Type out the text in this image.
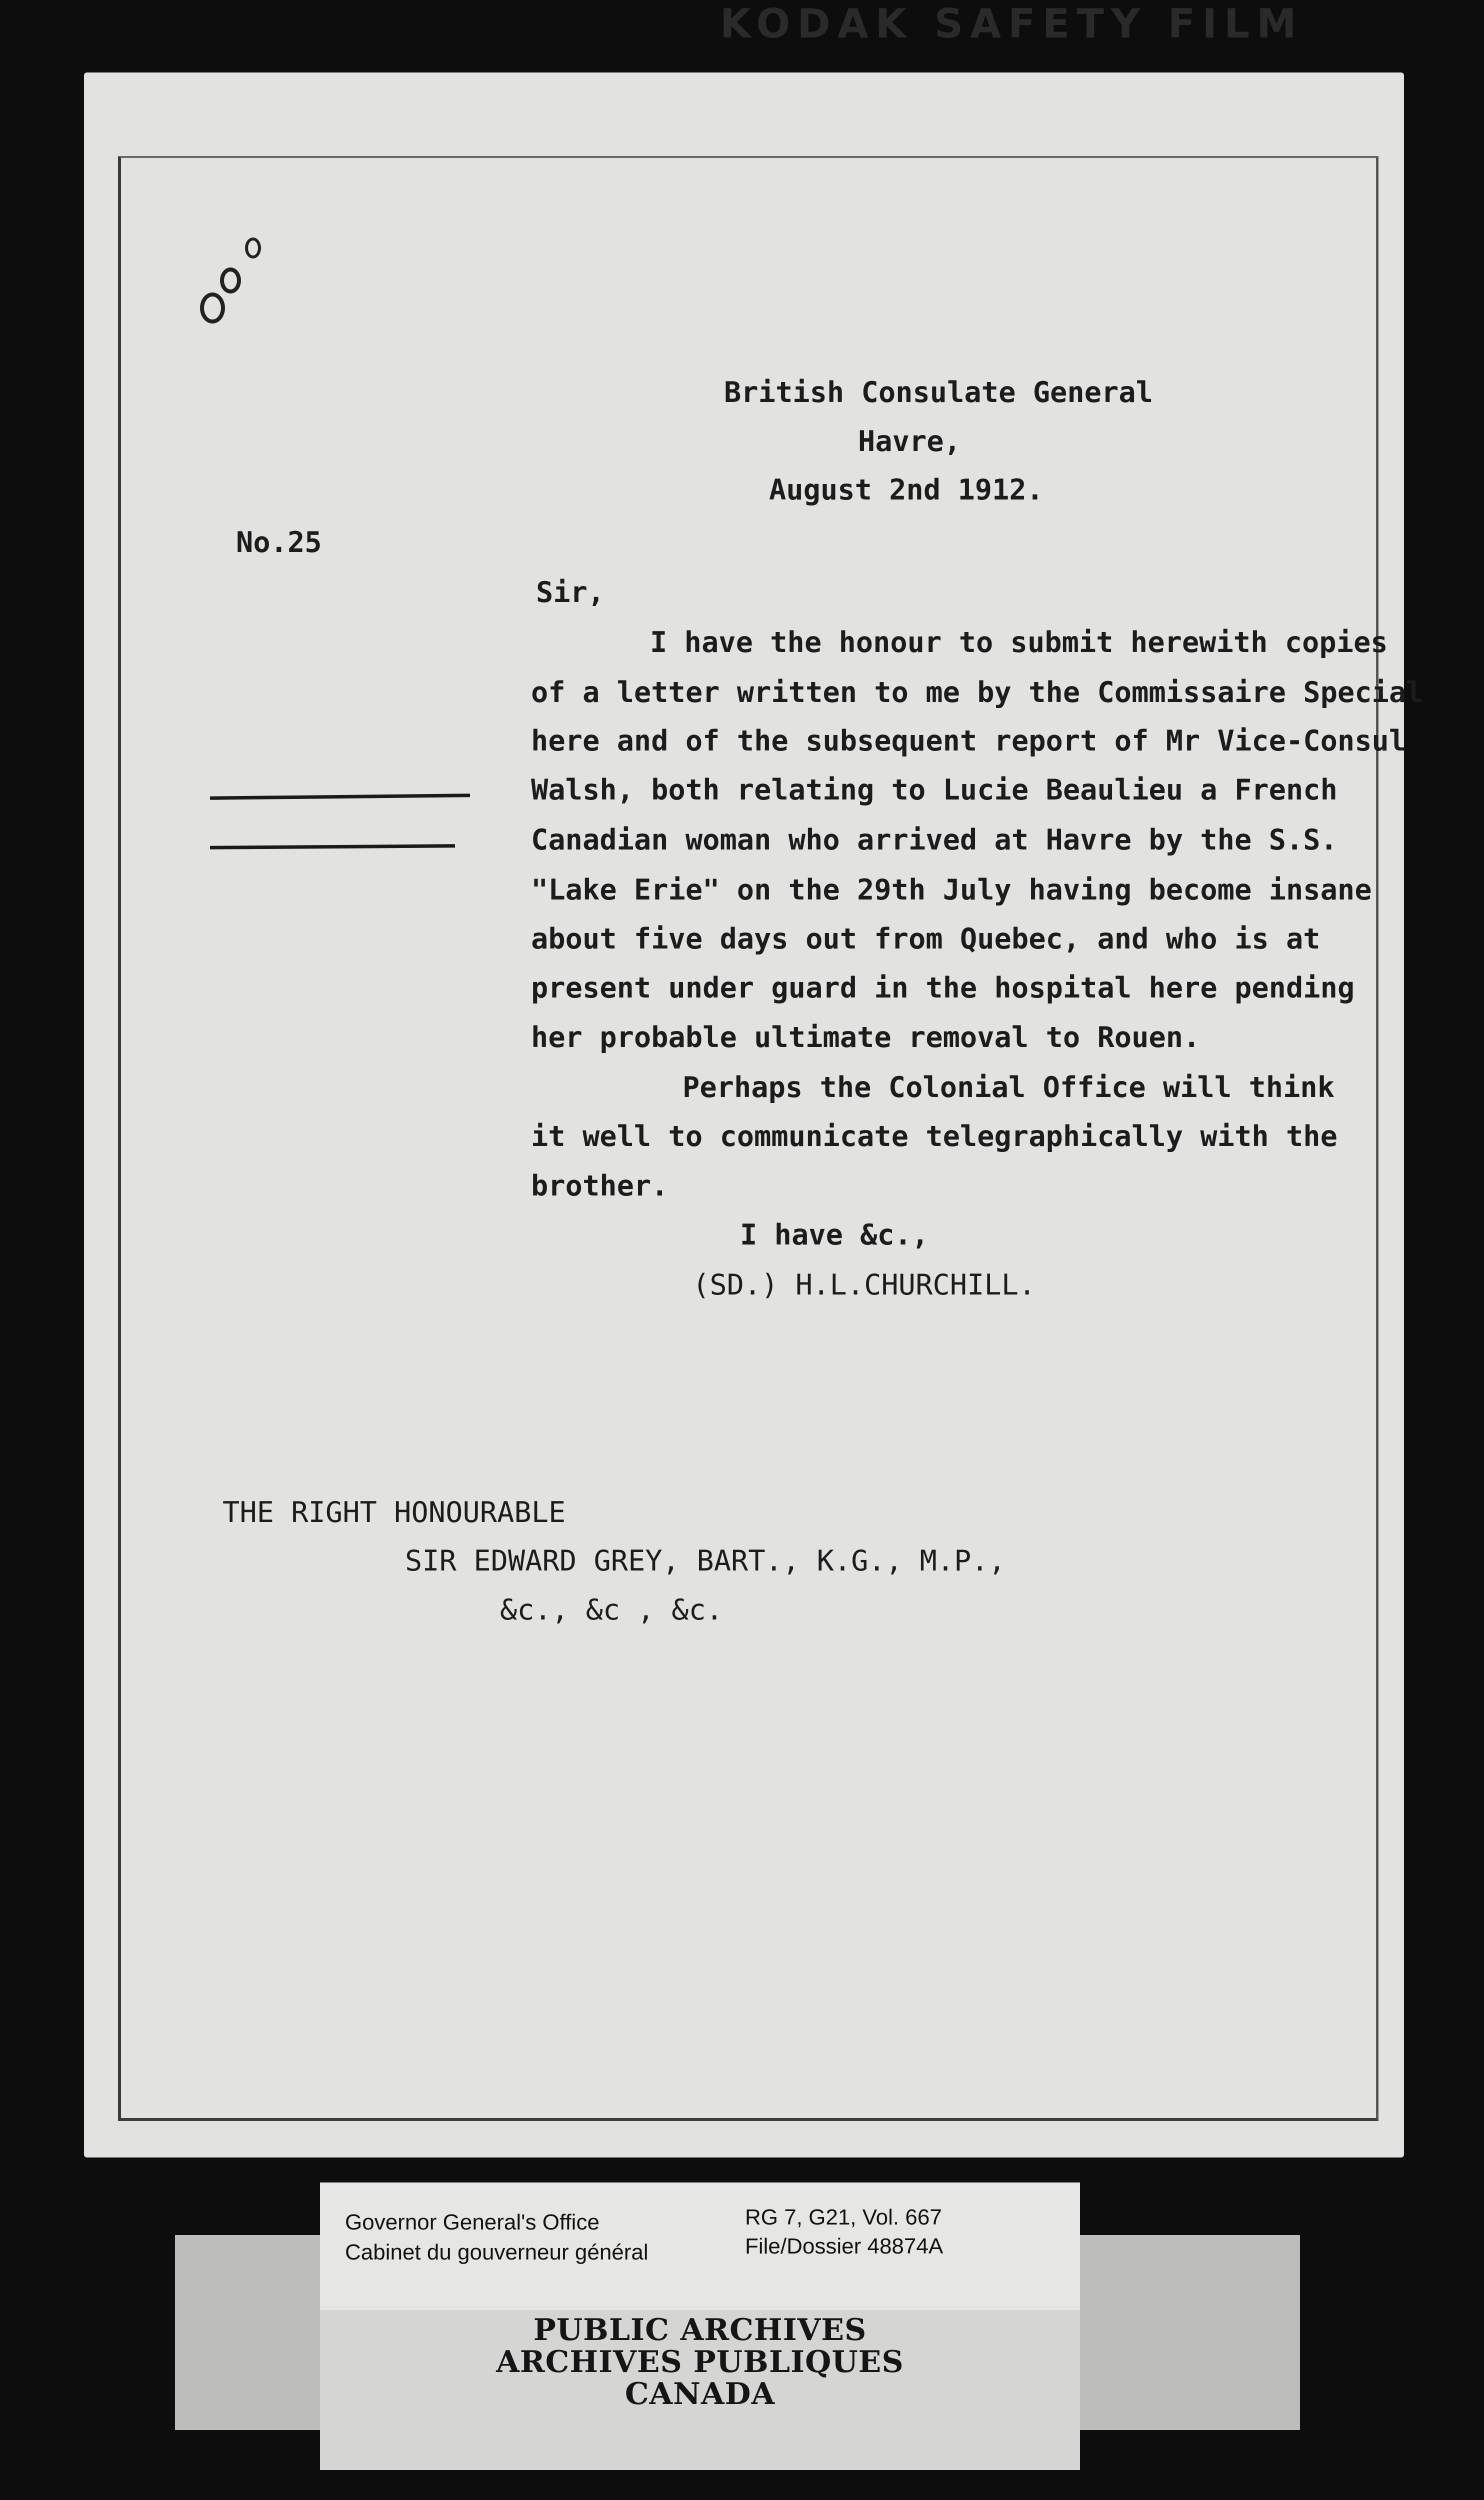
KODAK SAFETY FILM
British Consulate General
Havre,
August 2nd 1912.
No.25
Sir,
I have the honour to submit herewith copies
of a letter written to me by the Commissaire Special
here and of the subsequent report of Mr Vice-Consul
Walsh, both relating to Lucie Beaulieu a French
Canadian woman who arrived at Havre by the S.S.
"Lake Erie" on the 29th July having become insane
about five days out from Quebec, and who is at
present under guard in the hospital here pending
her probable ultimate removal to Rouen.
Perhaps the Colonial Office will think
it well to communicate telegraphically with the
brother.
I have &c.,
(SD.) H.L.CHURCHILL.
THE RIGHT HONOURABLE
SIR EDWARD GREY, BART., K.G., M.P.,
&c., &c , &c.
Governor General's Office
Cabinet du gouverneur général
RG 7, G21, Vol. 667
File/Dossier 48874A
PUBLIC ARCHIVES
ARCHIVES PUBLIQUES
CANADA
